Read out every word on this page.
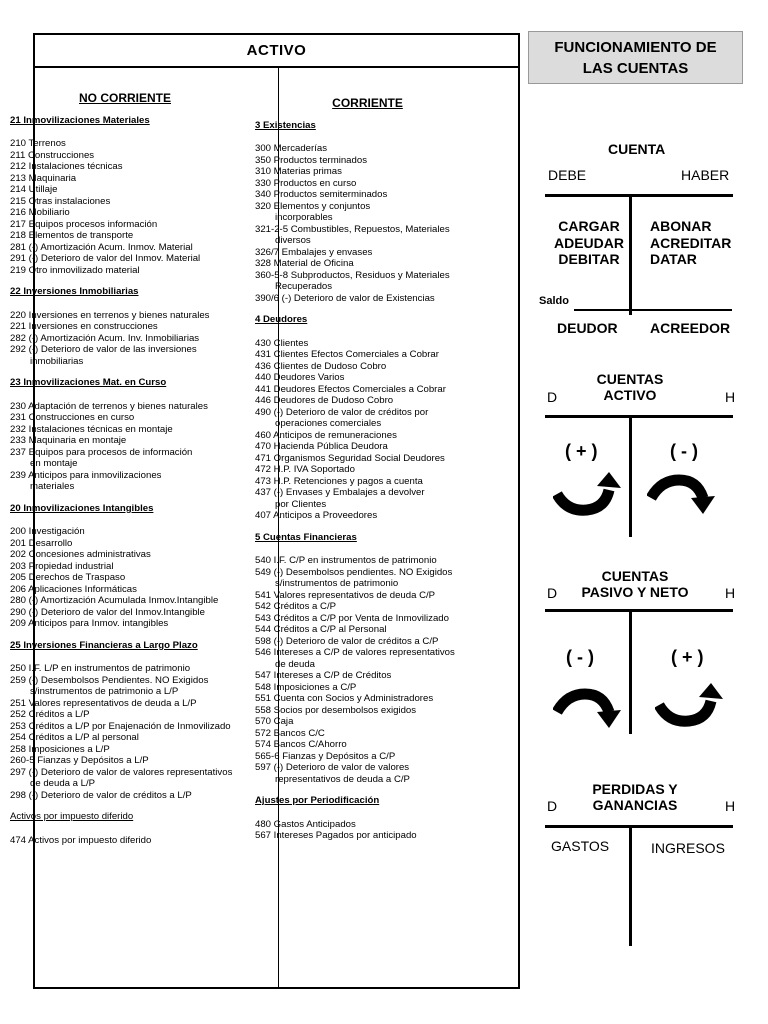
ACTIVO
NO CORRIENTE
21 Inmovilizaciones Materiales
210 Terrenos
211 Construcciones
212 Instalaciones técnicas
213 Maquinaria
214 Utillaje
215 Otras instalaciones
216 Mobiliario
217 Equipos procesos información
218 Elementos de transporte
281 (-) Amortización Acum. Inmov. Material
291 (-) Deterioro de valor del Inmov. Material
219 Otro inmovilizado material
22 Inversiones Inmobiliarias
220 Inversiones en terrenos y bienes naturales
221 Inversiones en construcciones
282 (-) Amortización Acum. Inv. Inmobiliarias
292 (-) Deterioro de valor de las inversiones
inmobiliarias
23 Inmovilizaciones Mat. en Curso
230 Adaptación de terrenos y bienes naturales
231 Construcciones en curso
232 Instalaciones técnicas en montaje
233 Maquinaria en montaje
237 Equipos para procesos de información
en montaje
239 Anticipos para inmovilizaciones
materiales
20 Inmovilizaciones Intangibles
200 Investigación
201 Desarrollo
202 Concesiones administrativas
203 Propiedad industrial
205 Derechos de Traspaso
206 Aplicaciones Informáticas
280 (-) Amortización Acumulada Inmov.Intangible
290 (-) Deterioro de valor del Inmov.Intangible
209 Anticipos para Inmov. intangibles
25 Inversiones Financieras a Largo Plazo
250 I.F. L/P en instrumentos de patrimonio
259 (-) Desembolsos Pendientes. NO Exigidos
s/instrumentos de patrimonio a L/P
251 Valores representativos de deuda a L/P
252 Créditos a L/P
253 Créditos a L/P por Enajenación de Inmovilizado
254 Créditos a L/P al personal
258 Imposiciones a L/P
260-5 Fianzas y Depósitos a L/P
297 (-) Deterioro de valor de valores representativos
de deuda a L/P
298 (-) Deterioro de valor de créditos a L/P
Activos por impuesto diferido
474 Activos por impuesto diferido
CORRIENTE
3 Existencias
300 Mercaderías
350 Productos terminados
310 Materias primas
330 Productos en curso
340 Productos semiterminados
320 Elementos y conjuntos
incorporables
321-2-5 Combustibles, Repuestos, Materiales
diversos
326/7 Embalajes y envases
328 Material de Oficina
360-5-8 Subproductos, Residuos y Materiales
Recuperados
390/6 (-) Deterioro de valor de Existencias
4 Deudores
430 Clientes
431 Clientes Efectos Comerciales a Cobrar
436 Clientes de Dudoso Cobro
440 Deudores Varios
441 Deudores Efectos Comerciales a Cobrar
446 Deudores de Dudoso Cobro
490 (-) Deterioro de valor de créditos por
operaciones comerciales
460 Anticipos de remuneraciones
470 Hacienda Pública Deudora
471 Organismos Seguridad Social Deudores
472 H.P. IVA Soportado
473 H.P. Retenciones y pagos a cuenta
437 (-) Envases y Embalajes a devolver
por Clientes
407 Anticipos a Proveedores
5 Cuentas Financieras
540 I.F. C/P en instrumentos de patrimonio
549 (-) Desembolsos pendientes. NO Exigidos
s/instrumentos de patrimonio
541 Valores representativos de deuda C/P
542 Créditos a C/P
543 Créditos a C/P por Venta de Inmovilizado
544 Créditos a C/P al Personal
598 (-) Deterioro de valor de créditos a C/P
546 Intereses a C/P de valores representativos
de deuda
547 Intereses a C/P de Créditos
548 Imposiciones a C/P
551 Cuenta con Socios y Administradores
558 Socios por desembolsos exigidos
570 Caja
572 Bancos C/C
574 Bancos C/Ahorro
565-6 Fianzas y Depósitos a C/P
597 (-) Deterioro de valor de valores
representativos de deuda a C/P
Ajustes por Periodificación
480 Gastos Anticipados
567 Intereses Pagados por anticipado
FUNCIONAMIENTO DE
LAS CUENTAS
CUENTA
DEBE	HABER
CARGAR
ADEUDAR
DEBITAR
ABONAR
ACREDITAR
DATAR
Saldo
DEUDOR ACREEDOR
CUENTAS
ACTIVO
D	H
( + )	( - )
CUENTAS
PASIVO Y NETO
D	H
( - )	( + )
PERDIDAS Y
GANANCIAS
D	H
GASTOS	INGRESOS
